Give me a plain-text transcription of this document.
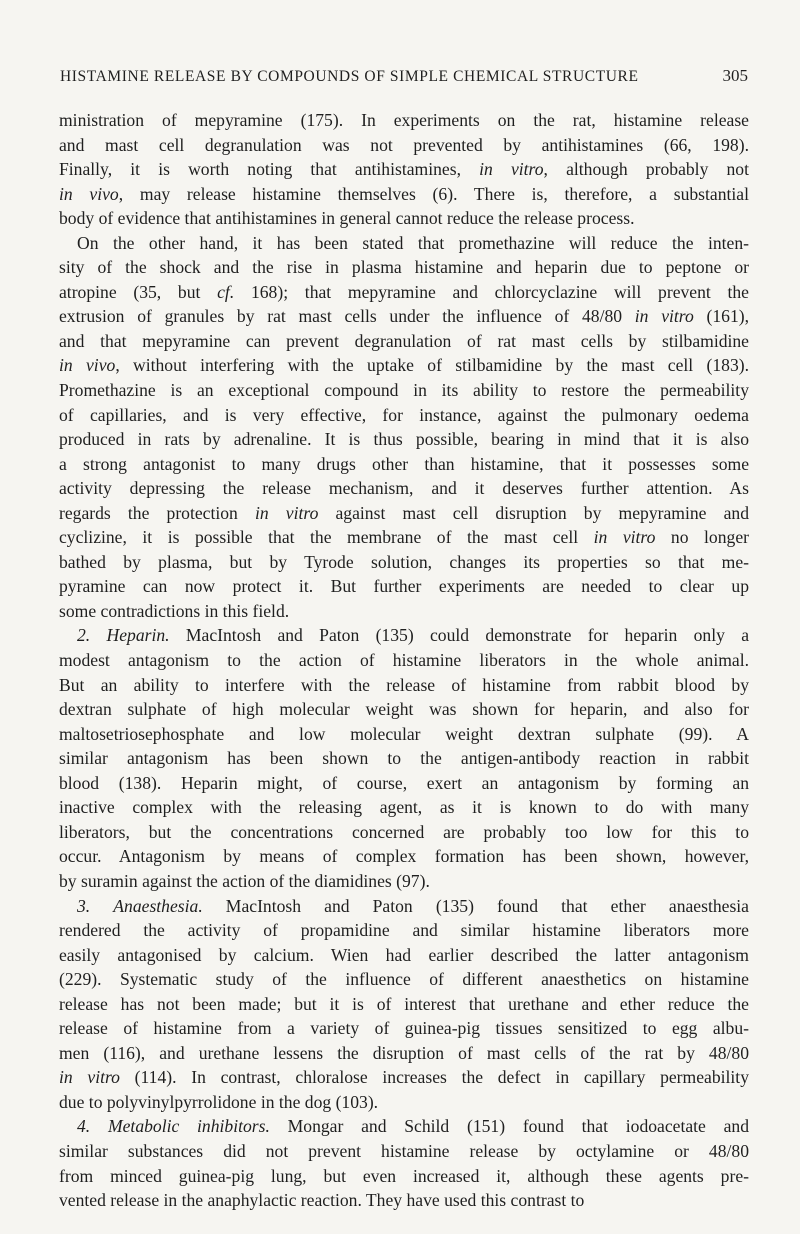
HISTAMINE RELEASE BY COMPOUNDS OF SIMPLE CHEMICAL STRUCTURE	305

ministration of mepyramine (175). In experiments on the rat, histamine release
and mast cell degranulation was not prevented by antihistamines (66, 198).
Finally, it is worth noting that antihistamines, in vitro, although probably not
in vivo, may release histamine themselves (6). There is, therefore, a substantial
body of evidence that antihistamines in general cannot reduce the release process.

On the other hand, it has been stated that promethazine will reduce the inten-
sity of the shock and the rise in plasma histamine and heparin due to peptone or
atropine (35, but cf. 168); that mepyramine and chlorcyclazine will prevent the
extrusion of granules by rat mast cells under the influence of 48/80 in vitro (161),
and that mepyramine can prevent degranulation of rat mast cells by stilbamidine
in vivo, without interfering with the uptake of stilbamidine by the mast cell (183).
Promethazine is an exceptional compound in its ability to restore the permeability
of capillaries, and is very effective, for instance, against the pulmonary oedema
produced in rats by adrenaline. It is thus possible, bearing in mind that it is also
a strong antagonist to many drugs other than histamine, that it possesses some
activity depressing the release mechanism, and it deserves further attention. As
regards the protection in vitro against mast cell disruption by mepyramine and
cyclizine, it is possible that the membrane of the mast cell in vitro no longer
bathed by plasma, but by Tyrode solution, changes its properties so that me-
pyramine can now protect it. But further experiments are needed to clear up
some contradictions in this field.

2. Heparin. MacIntosh and Paton (135) could demonstrate for heparin only a
modest antagonism to the action of histamine liberators in the whole animal.
But an ability to interfere with the release of histamine from rabbit blood by
dextran sulphate of high molecular weight was shown for heparin, and also for
maltosetriosephosphate and low molecular weight dextran sulphate (99). A
similar antagonism has been shown to the antigen-antibody reaction in rabbit
blood (138). Heparin might, of course, exert an antagonism by forming an
inactive complex with the releasing agent, as it is known to do with many
liberators, but the concentrations concerned are probably too low for this to
occur. Antagonism by means of complex formation has been shown, however,
by suramin against the action of the diamidines (97).

3. Anaesthesia. MacIntosh and Paton (135) found that ether anaesthesia
rendered the activity of propamidine and similar histamine liberators more
easily antagonised by calcium. Wien had earlier described the latter antagonism
(229). Systematic study of the influence of different anaesthetics on histamine
release has not been made; but it is of interest that urethane and ether reduce the
release of histamine from a variety of guinea-pig tissues sensitized to egg albu-
men (116), and urethane lessens the disruption of mast cells of the rat by 48/80
in vitro (114). In contrast, chloralose increases the defect in capillary permeability
due to polyvinylpyrrolidone in the dog (103).

4. Metabolic inhibitors. Mongar and Schild (151) found that iodoacetate and
similar substances did not prevent histamine release by octylamine or 48/80
from minced guinea-pig lung, but even increased it, although these agents pre-
vented release in the anaphylactic reaction. They have used this contrast to
